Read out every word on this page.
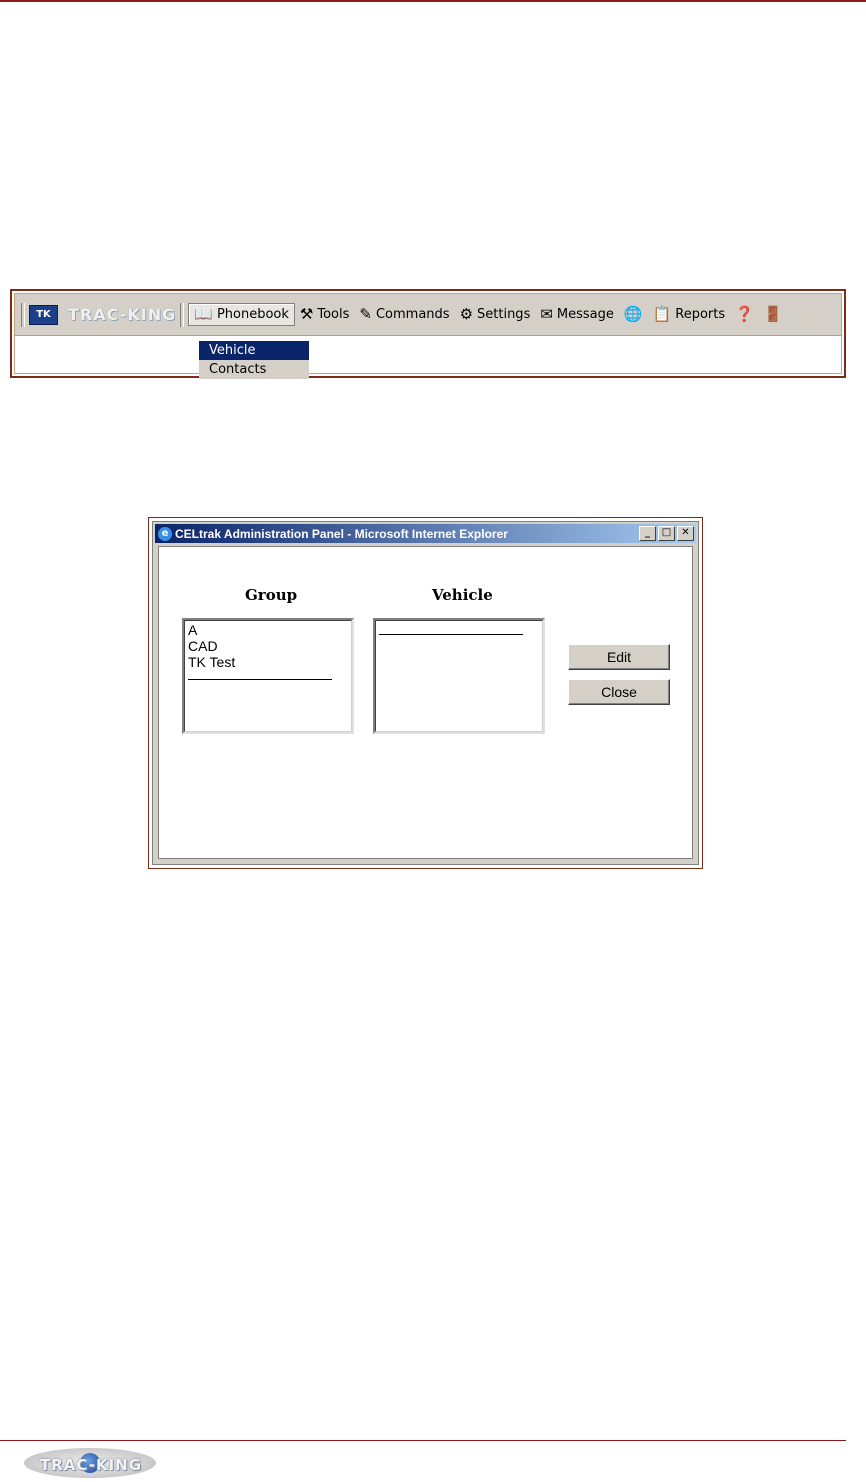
TK	TRAC-KING 📖 Phonebook ⚒ Tools ✎ Commands ⚙ Settings ✉ Message 🌐 📋 Reports ❓ 🚪
Vehicle
Contacts
e CELtrak Administration Panel - Microsoft Internet Explorer	_	□	✕
Group	Vehicle
A
CAD
TK Test	Edit
Close
TRAC-KING
